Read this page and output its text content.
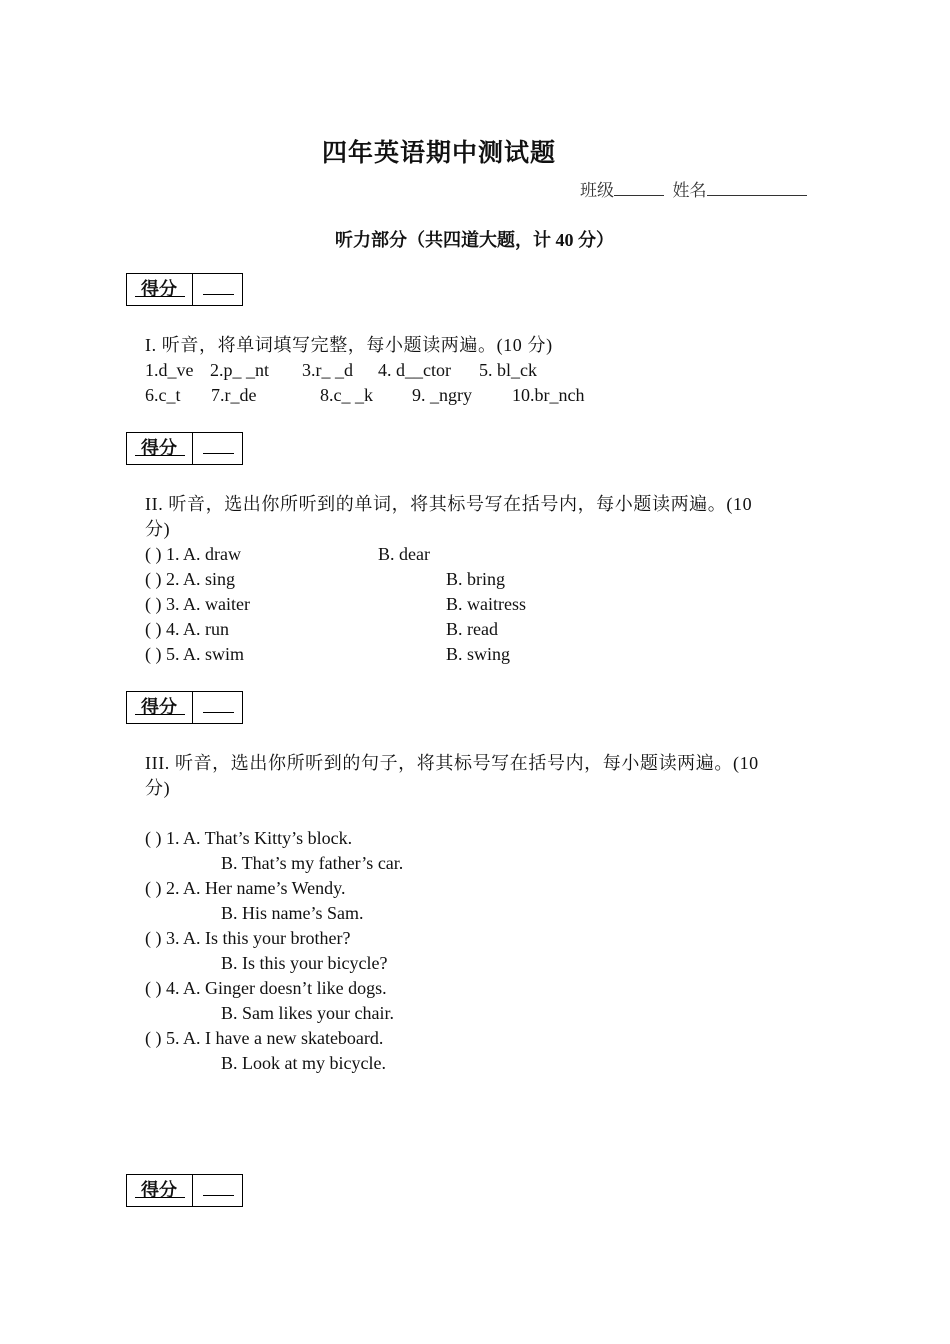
四年英语期中测试题
班级	姓名
听力部分（共四道大题，计 40 分）
得分
I. 听音，将单词填写完整，每小题读两遍。(10 分)
1.d_ve 2.p_ _nt 3.r_ _d 4. d__ctor 5. bl_ck
6.c_t 7.r_de	8.c_ _k 9. _ngry 10.br_nch
得分
II. 听音，选出你所听到的单词，将其标号写在括号内，每小题读两遍。(10
分)
( ) 1. A. draw	B. dear
( ) 2. A. sing	B. bring
( ) 3. A. waiter	B. waitress
( ) 4. A. run	B. read
( ) 5. A. swim	B. swing
得分
III. 听音，选出你所听到的句子，将其标号写在括号内，每小题读两遍。(10
分)
( ) 1. A. That’s Kitty’s block.
B. That’s my father’s car.
( ) 2. A. Her name’s Wendy.
B. His name’s Sam.
( ) 3. A. Is this your brother?
B. Is this your bicycle?
( ) 4. A. Ginger doesn’t like dogs.
B. Sam likes your chair.
( ) 5. A. I have a new skateboard.
B. Look at my bicycle.
得分
